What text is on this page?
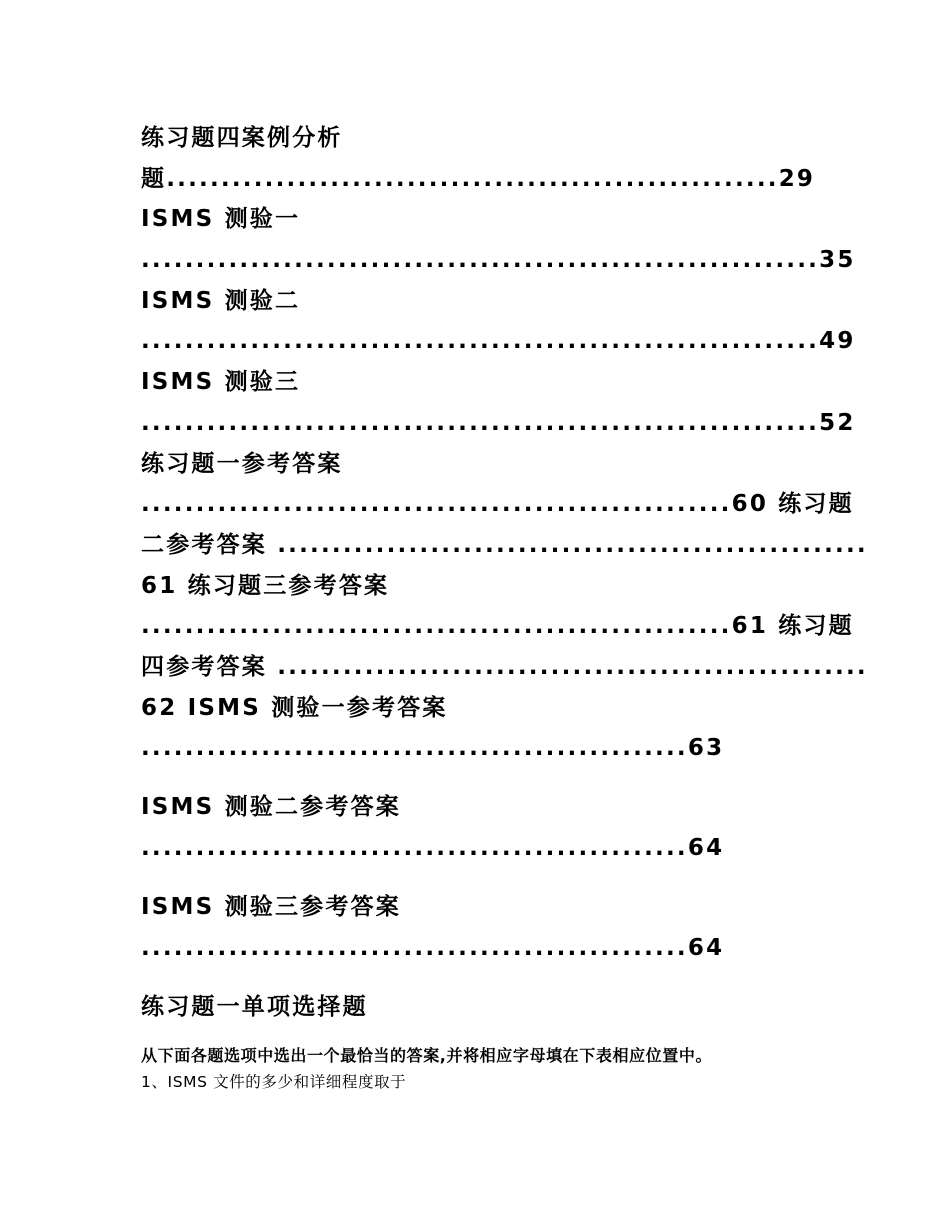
练习题四案例分析
题........................................................29
ISMS 测验一
..............................................................35
ISMS 测验二
..............................................................49
ISMS 测验三
..............................................................52
练习题一参考答案
......................................................60 练习题
二参考答案 ......................................................
61 练习题三参考答案
......................................................61 练习题
四参考答案 ......................................................
62 ISMS 测验一参考答案
..................................................63
ISMS 测验二参考答案
..................................................64
ISMS 测验三参考答案
..................................................64
练习题一单项选择题
从下面各题选项中选出一个最恰当的答案,并将相应字母填在下表相应位置中。
1、ISMS 文件的多少和详细程度取于
